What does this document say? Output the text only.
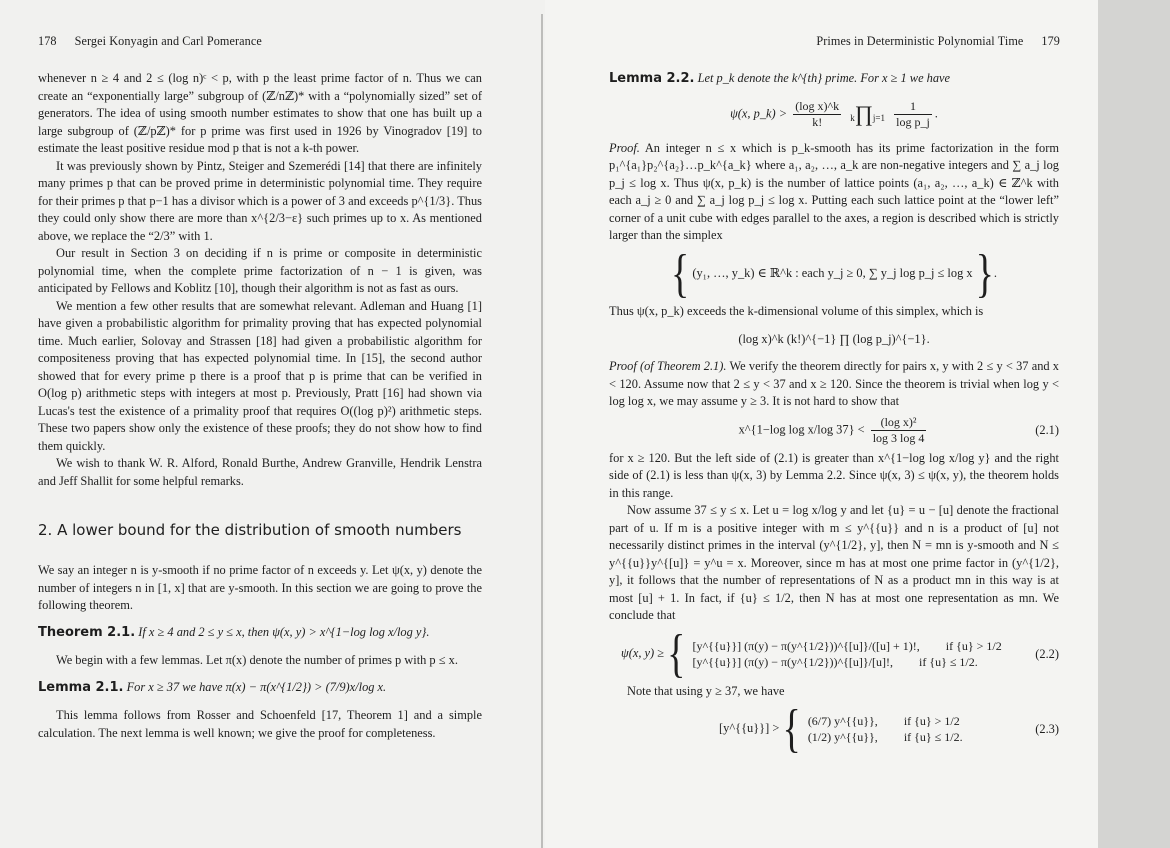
178 Sergei Konyagin and Carl Pomerance

whenever n ≥ 4 and 2 ≤ (log n)ᶜ < p, with p the least prime factor of n. Thus we can create an “exponentially large” subgroup of (ℤ/nℤ)* with a “polynomially sized” set of generators. The idea of using smooth number estimates to show that one has built up a large subgroup of (ℤ/pℤ)* for p prime was first used in 1926 by Vinogradov [19] to estimate the least positive residue mod p that is not a k-th power.

It was previously shown by Pintz, Steiger and Szemerédi [14] that there are infinitely many primes p that can be proved prime in deterministic polynomial time. They require for their primes p that p−1 has a divisor which is a power of 3 and exceeds p^{1/3}. Thus they could only show there are more than x^{2/3−ε} such primes up to x. As mentioned above, we replace the “2/3” with 1.

Our result in Section 3 on deciding if n is prime or composite in deterministic polynomial time, when the complete prime factorization of n − 1 is given, was anticipated by Fellows and Koblitz [10], though their algorithm is not as fast as ours.

We mention a few other results that are somewhat relevant. Adleman and Huang [1] have given a probabilistic algorithm for primality proving that has expected polynomial time. Much earlier, Solovay and Strassen [18] had given a probabilistic algorithm for compositeness proving that has expected polynomial time. In [15], the second author showed that for every prime p there is a proof that p is prime that can be verified in O(log p) arithmetic steps with integers at most p. Previously, Pratt [16] had shown via Lucas's test the existence of a primality proof that requires O((log p)²) arithmetic steps. These two papers show only the existence of these proofs; they do not show how to find them quickly.

We wish to thank W. R. Alford, Ronald Burthe, Andrew Granville, Hendrik Lenstra and Jeff Shallit for some helpful remarks.

2. A lower bound for the distribution of smooth numbers

We say an integer n is y-smooth if no prime factor of n exceeds y. Let ψ(x, y) denote the number of integers n in [1, x] that are y-smooth. In this section we are going to prove the following theorem.

Theorem 2.1. If x ≥ 4 and 2 ≤ y ≤ x, then ψ(x, y) > x^{1−log log x/log y}.

We begin with a few lemmas. Let π(x) denote the number of primes p with p ≤ x.

Lemma 2.1. For x ≥ 37 we have π(x) − π(x^{1/2}) > (7/9)x/log x.

This lemma follows from Rosser and Schoenfeld [17, Theorem 1] and a simple calculation. The next lemma is well known; we give the proof for completeness.

Primes in Deterministic Polynomial Time 179

Lemma 2.2. Let p_k denote the k^{th} prime. For x ≥ 1 we have

ψ(x, p_k) > $\frac{\text{(log x)\textasciicircum{}k}}{k!}$ k∏j=1 $\frac{1}{\text{log p\_j}}$ .

Proof. An integer n ≤ x which is p_k-smooth has its prime factorization in the form p₁^{a₁}p₂^{a₂}…p_k^{a_k} where a₁, a₂, …, a_k are non-negative integers and ∑ a_j log p_j ≤ log x. Thus ψ(x, p_k) is the number of lattice points (a₁, a₂, …, a_k) ∈ ℤ^k with each a_j ≥ 0 and ∑ a_j log p_j ≤ log x. Putting each such lattice point at the “lower left” corner of a unit cube with edges parallel to the axes, a region is described which is strictly larger than the simplex

{ (y₁, …, y_k) ∈ ℝ^k : each y_j ≥ 0, ∑ y_j log p_j ≤ log x }.

Thus ψ(x, p_k) exceeds the k-dimensional volume of this simplex, which is

(log x)^k (k!)^{−1} ∏ (log p_j)^{−1}.

Proof (of Theorem 2.1). We verify the theorem directly for pairs x, y with 2 ≤ y < 37 and x < 120. Assume now that 2 ≤ y < 37 and x ≥ 120. Since the theorem is trivial when log y < log log x, we may assume y ≥ 3. It is not hard to show that

x^{1−log log x/log $37\} < \frac{\text{(log x)²}}{\log 3 \log 4}$	(2.1)

for x ≥ 120. But the left side of (2.1) is greater than x^{1−log log x/log y} and the right side of (2.1) is less than ψ(x, 3) by Lemma 2.2. Since ψ(x, 3) ≤ ψ(x, y), the theorem holds in this range.

Now assume 37 ≤ y ≤ x. Let u = log x/log y and let {u} = u − [u] denote the fractional part of u. If m is a positive integer with m ≤ y^{{u}} and n is a product of [u] not necessarily distinct primes in the interval (y^{1/2}, y], then N = mn is y-smooth and N ≤ y^{{u}}y^{[u]} = y^u = x. Moreover, since m has at most one prime factor in (y^{1/2}, y], it follows that the number of representations of N as a product mn in this way is at most [u] + 1. In fact, if {u} ≤ 1/2, then N has at most one representation as mn. We conclude that

ψ(x, y) ≥ { [y^{{u}}] (π(y) − π(y^{1/2}))^{[u]}/([u] + 1)!, if {u} > 1/2
[y^{{u}}] (π(y) − π(y^{1/2}))^{[u]}/[u]!, if {u} ≤ 1/2.
(2.2)

Note that using y ≥ 37, we have

[y^{{u}}] > { (6/7) y^{{u}}, if {u} > 1/2
(1/2) y^{{u}}, if {u} ≤ 1/2.
(2.3)
